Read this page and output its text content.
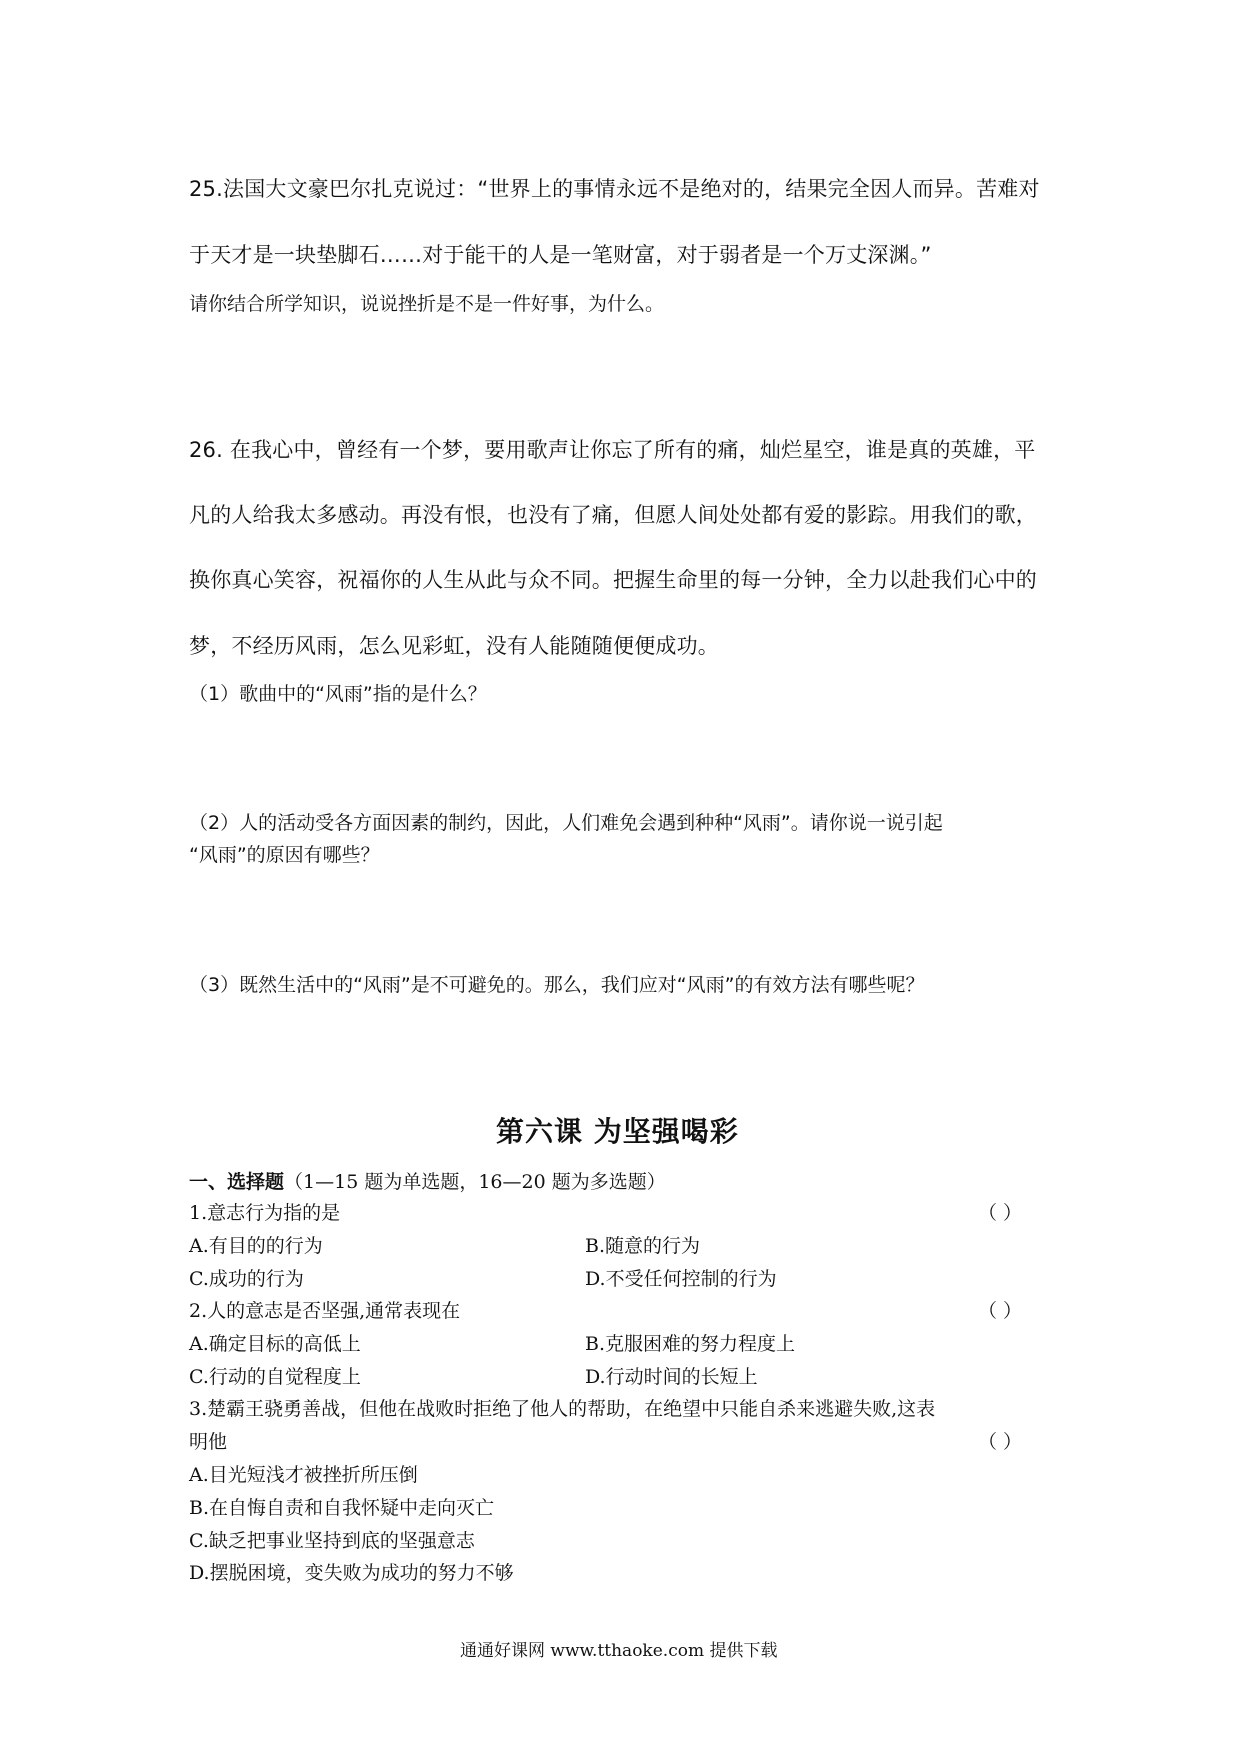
25.法国大文豪巴尔扎克说过：“世界上的事情永远不是绝对的，结果完全因人而异。苦难对
于天才是一块垫脚石……对于能干的人是一笔财富，对于弱者是一个万丈深渊。”
请你结合所学知识，说说挫折是不是一件好事，为什么。
26. 在我心中，曾经有一个梦，要用歌声让你忘了所有的痛，灿烂星空，谁是真的英雄，平
凡的人给我太多感动。再没有恨，也没有了痛，但愿人间处处都有爱的影踪。用我们的歌，
换你真心笑容，祝福你的人生从此与众不同。把握生命里的每一分钟，全力以赴我们心中的
梦，不经历风雨，怎么见彩虹，没有人能随随便便成功。
（1）歌曲中的“风雨”指的是什么？
（2）人的活动受各方面因素的制约，因此，人们难免会遇到种种“风雨”。请你说一说引起
“风雨”的原因有哪些？
（3）既然生活中的“风雨”是不可避免的。那么，我们应对“风雨”的有效方法有哪些呢？
第六课 为坚强喝彩
一、选择题（1—15 题为单选题，16—20 题为多选题）
1.意志行为指的是	（ ）
A.有目的的行为	B.随意的行为
C.成功的行为	D.不受任何控制的行为
2.人的意志是否坚强,通常表现在	（ ）
A.确定目标的高低上	B.克服困难的努力程度上
C.行动的自觉程度上	D.行动时间的长短上
3.楚霸王骁勇善战，但他在战败时拒绝了他人的帮助，在绝望中只能自杀来逃避失败,这表
明他	（ ）
A.目光短浅才被挫折所压倒
B.在自悔自责和自我怀疑中走向灭亡
C.缺乏把事业坚持到底的坚强意志
D.摆脱困境，变失败为成功的努力不够
通通好课网 www.tthaoke.com 提供下载
